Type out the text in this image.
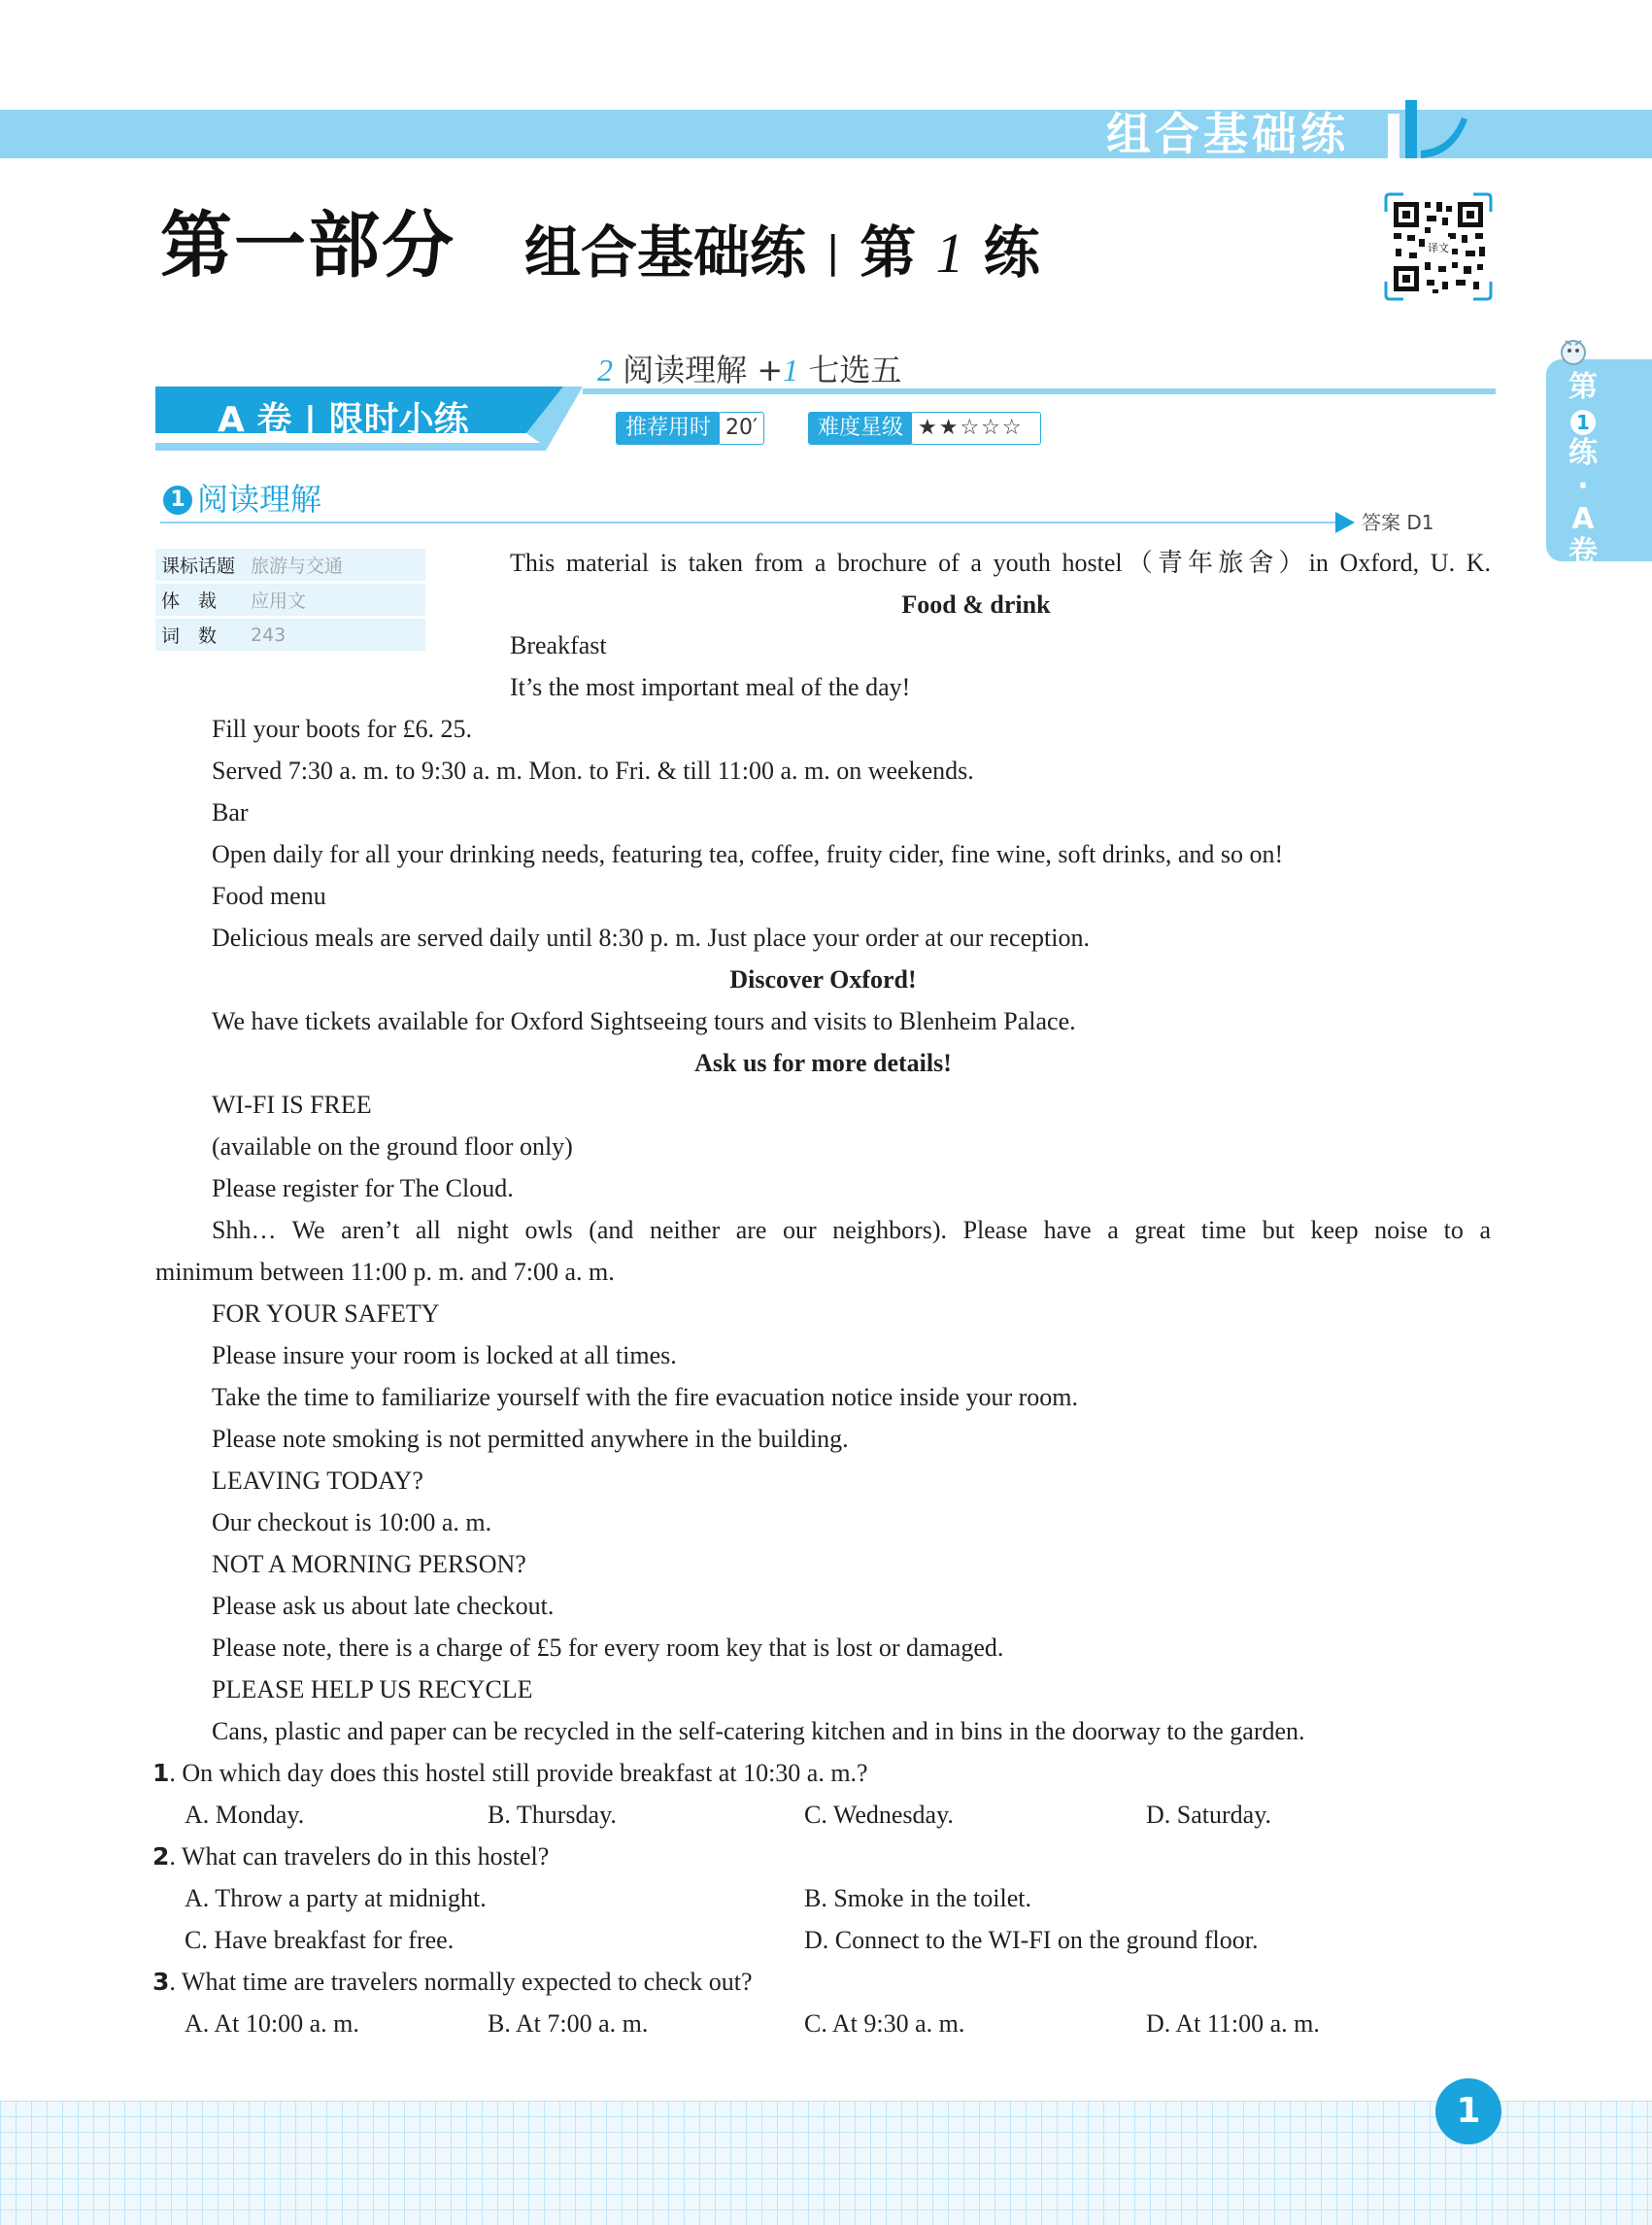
组合基础练
第一部分 组合基础练 | 第 1 练	译文
第
1
练
·
A
卷
2 阅读理解 +1 七选五
A 卷 | 限时小练	推荐用时 20′	难度星级 ★★☆☆☆
1 阅读理解
答案 D1
课标话题	旅游与交通
体　裁	应用文
词　数	243
This material is taken from a brochure of a youth hostel（青年旅舍）in Oxford, U. K.
Food & drink
Breakfast
It’s the most important meal of the day!
Fill your boots for £6. 25.
Served 7:30 a. m. to 9:30 a. m. Mon. to Fri. & till 11:00 a. m. on weekends.
Bar
Open daily for all your drinking needs, featuring tea, coffee, fruity cider, fine wine, soft drinks, and so on!
Food menu
Delicious meals are served daily until 8:30 p. m. Just place your order at our reception.
Discover Oxford!
We have tickets available for Oxford Sightseeing tours and visits to Blenheim Palace.
Ask us for more details!
WI-FI IS FREE
(available on the ground floor only)
Please register for The Cloud.
Shh… We aren’t all night owls (and neither are our neighbors). Please have a great time but keep noise to a
minimum between 11:00 p. m. and 7:00 a. m.
FOR YOUR SAFETY
Please insure your room is locked at all times.
Take the time to familiarize yourself with the fire evacuation notice inside your room.
Please note smoking is not permitted anywhere in the building.
LEAVING TODAY?
Our checkout is 10:00 a. m.
NOT A MORNING PERSON?
Please ask us about late checkout.
Please note, there is a charge of £5 for every room key that is lost or damaged.
PLEASE HELP US RECYCLE
Cans, plastic and paper can be recycled in the self-catering kitchen and in bins in the doorway to the garden.
1. On which day does this hostel still provide breakfast at 10:30 a. m.?
A. Monday.	B. Thursday.	C. Wednesday.	D. Saturday.
2. What can travelers do in this hostel?
A. Throw a party at midnight.	B. Smoke in the toilet.
C. Have breakfast for free.	D. Connect to the WI-FI on the ground floor.
3. What time are travelers normally expected to check out?
A. At 10:00 a. m.	B. At 7:00 a. m.	C. At 9:30 a. m.	D. At 11:00 a. m.
1
